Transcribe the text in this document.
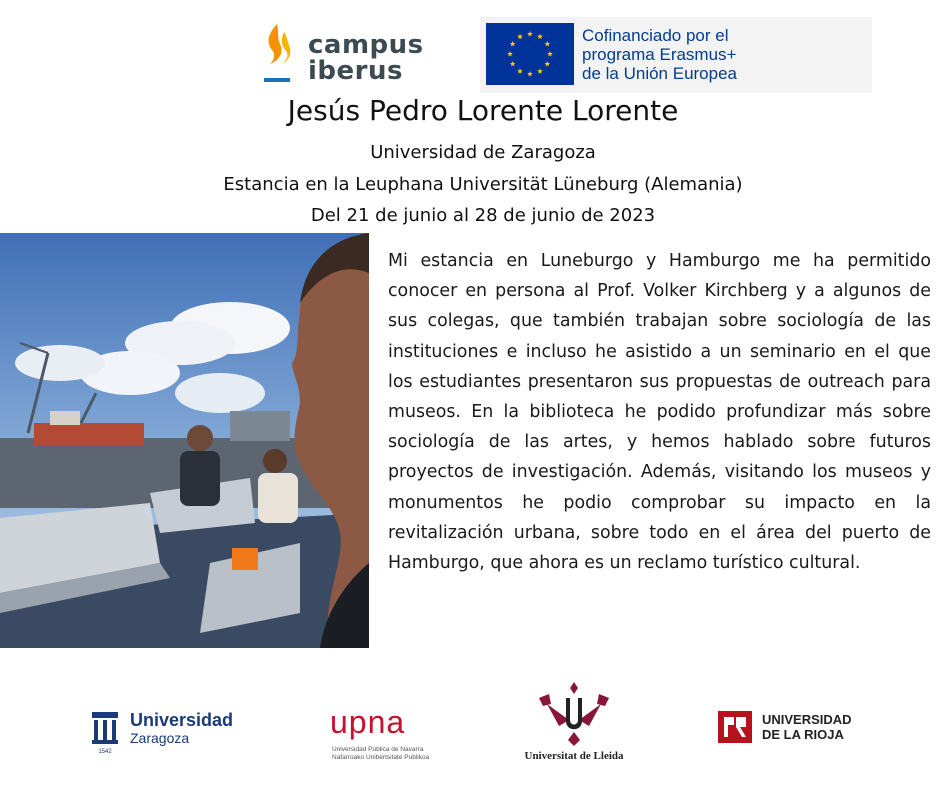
campus
iberus
Cofinanciado por el
programa Erasmus+
de la Unión Europea
Jesús Pedro Lorente Lorente
Universidad de Zaragoza
Estancia en la Leuphana Universität Lüneburg (Alemania)
Del 21 de junio al 28 de junio de 2023
Mi estancia en Luneburgo y Hamburgo me ha permitido conocer en persona al Prof. Volker Kirchberg y a algunos de sus colegas, que también trabajan sobre sociología de las instituciones e incluso he asistido a un seminario en el que los estudiantes presentaron sus propuestas de outreach para museos. En la biblioteca he podido profundizar más sobre sociología de las artes, y hemos hablado sobre futuros proyectos de investigación. Además, visitando los museos y monumentos he podio comprobar su impacto en la revitalización urbana, sobre todo en el área del puerto de Hamburgo, que ahora es un reclamo turístico cultural.
1542
Universidad
Zaragoza	upna
Universidad Pública de Navarra
Nafarroako Unibertsitate Publikoa	Universitat de Lleida
UNIVERSIDAD
DE LA RIOJA
